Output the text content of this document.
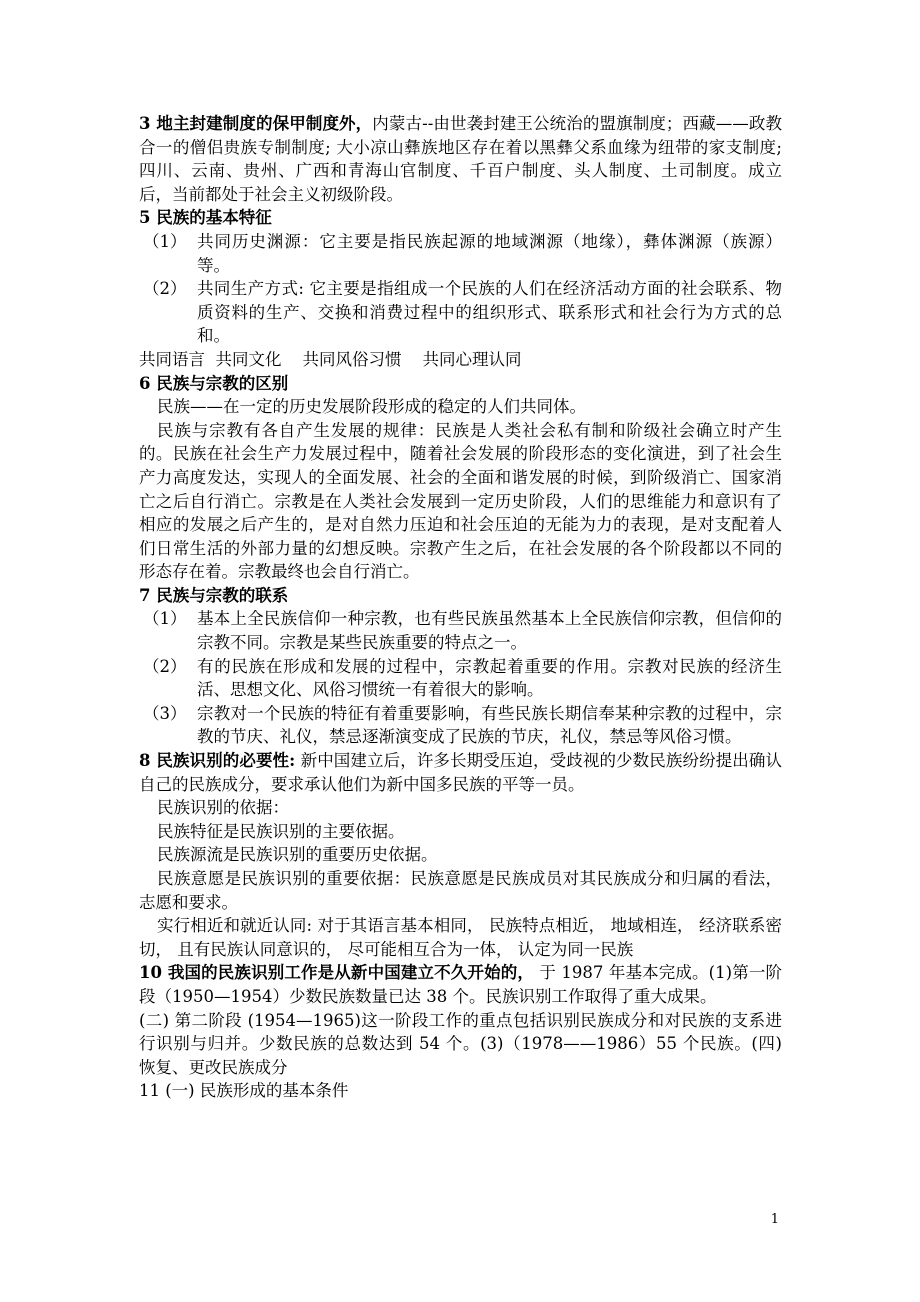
3 地主封建制度的保甲制度外，内蒙古--由世袭封建王公统治的盟旗制度；西藏——政教合一的僧侣贵族专制制度; 大小凉山彝族地区存在着以黑彝父系血缘为纽带的家支制度; 四川、云南、贵州、广西和青海山官制度、千百户制度、头人制度、土司制度。成立后，当前都处于社会主义初级阶段。

5 民族的基本特征

（1） 共同历史渊源：它主要是指民族起源的地域渊源（地缘），彝体渊源（族源）等。
（2） 共同生产方式: 它主要是指组成一个民族的人们在经济活动方面的社会联系、物质资料的生产、交换和消费过程中的组织形式、联系形式和社会行为方式的总和。

共同语言  共同文化    共同风俗习惯    共同心理认同

6 民族与宗教的区别

民族——在一定的历史发展阶段形成的稳定的人们共同体。

民族与宗教有各自产生发展的规律：民族是人类社会私有制和阶级社会确立时产生的。民族在社会生产力发展过程中，随着社会发展的阶段形态的变化演进，到了社会生产力高度发达，实现人的全面发展、社会的全面和谐发展的时候，到阶级消亡、国家消亡之后自行消亡。宗教是在人类社会发展到一定历史阶段，人们的思维能力和意识有了相应的发展之后产生的，是对自然力压迫和社会压迫的无能为力的表现，是对支配着人们日常生活的外部力量的幻想反映。宗教产生之后，在社会发展的各个阶段都以不同的形态存在着。宗教最终也会自行消亡。

7 民族与宗教的联系

（1） 基本上全民族信仰一种宗教，也有些民族虽然基本上全民族信仰宗教，但信仰的宗教不同。宗教是某些民族重要的特点之一。
（2） 有的民族在形成和发展的过程中，宗教起着重要的作用。宗教对民族的经济生活、思想文化、风俗习惯统一有着很大的影响。
（3） 宗教对一个民族的特征有着重要影响，有些民族长期信奉某种宗教的过程中，宗教的节庆、礼仪，禁忌逐渐演变成了民族的节庆，礼仪，禁忌等风俗习惯。

8 民族识别的必要性: 新中国建立后，许多长期受压迫，受歧视的少数民族纷纷提出确认自己的民族成分，要求承认他们为新中国多民族的平等一员。

民族识别的依据：

民族特征是民族识别的主要依据。

民族源流是民族识别的重要历史依据。

民族意愿是民族识别的重要依据：民族意愿是民族成员对其民族成分和归属的看法，志愿和要求。

实行相近和就近认同: 对于其语言基本相同， 民族特点相近， 地域相连， 经济联系密切， 且有民族认同意识的， 尽可能相互合为一体， 认定为同一民族

10 我国的民族识别工作是从新中国建立不久开始的， 于 1987 年基本完成。(1)第一阶段（1950—1954）少数民族数量已达 38 个。民族识别工作取得了重大成果。

(二) 第二阶段 (1954—1965)这一阶段工作的重点包括识别民族成分和对民族的支系进行识别与归并。少数民族的总数达到 54 个。(3)（1978——1986）55 个民族。(四) 恢复、更改民族成分

11 (一) 民族形成的基本条件

1
